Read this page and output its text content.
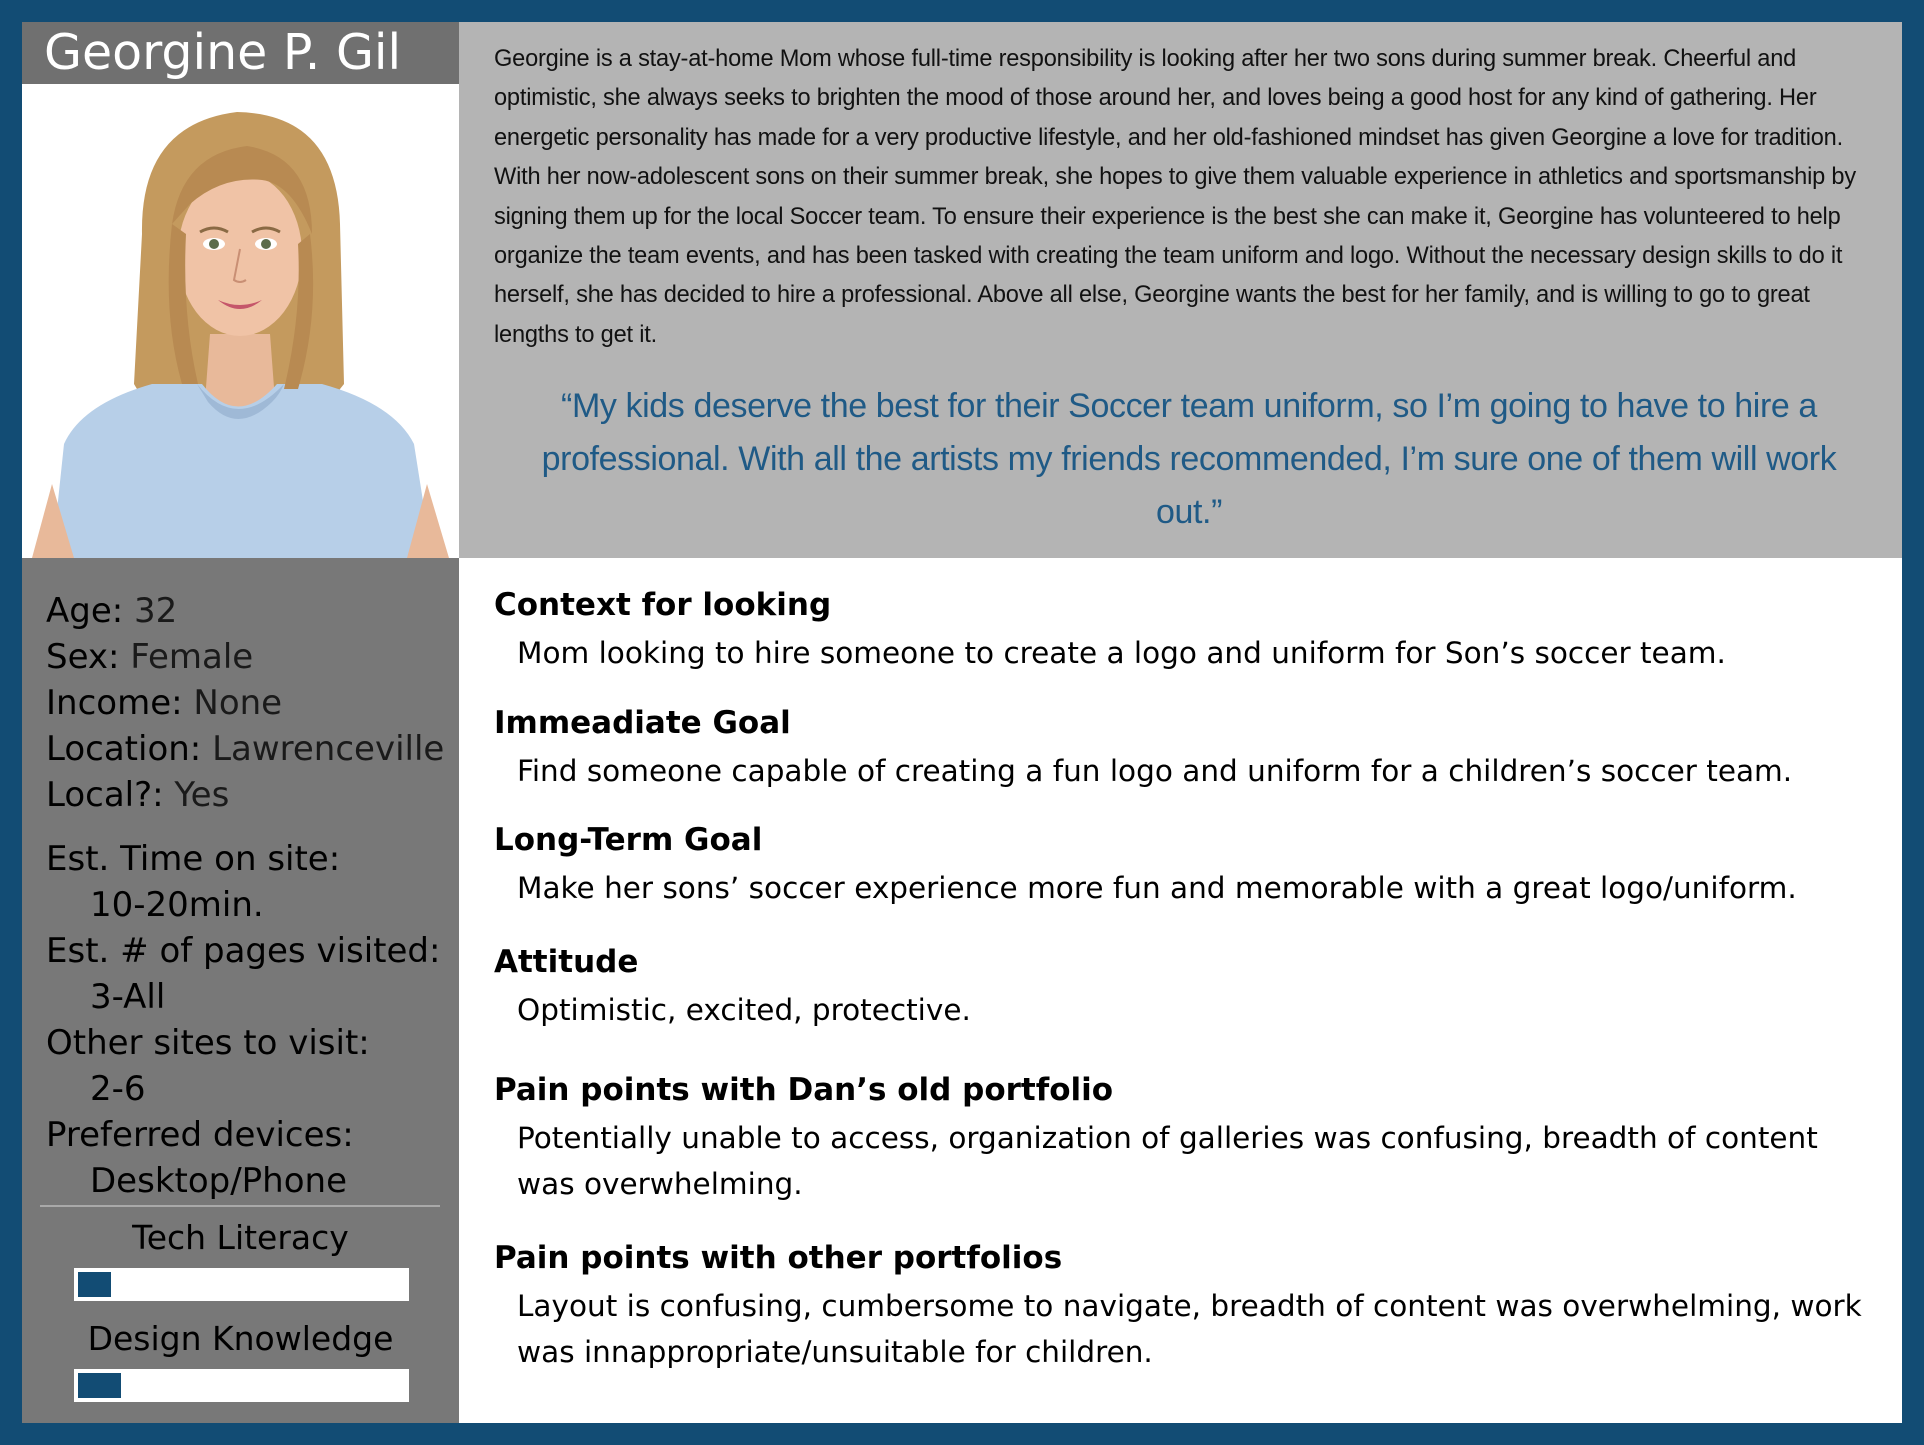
Georgine P. Gil
Age: 32
Sex: Female
Income: None
Location: Lawrenceville
Local?: Yes
Est. Time on site:
10-20min.
Est. # of pages visited:
3-All
Other sites to visit:
2-6
Preferred devices:
Desktop/Phone
Tech Literacy
Design Knowledge
Georgine is a stay-at-home Mom whose full-time responsibility is looking after her two sons during summer break. Cheerful and optimistic, she always seeks to brighten the mood of those around her, and loves being a good host for any kind of gathering. Her energetic personality has made for a very productive lifestyle, and her old-fashioned mindset has given Georgine a love for tradition. With her now-adolescent sons on their summer break, she hopes to give them valuable experience in athletics and sportsmanship by signing them up for the local Soccer team. To ensure their experience is the best she can make it, Georgine has volunteered to help organize the team events, and has been tasked with creating the team uniform and logo. Without the necessary design skills to do it herself, she has decided to hire a professional. Above all else, Georgine wants the best for her family, and is willing to go to great lengths to get it.
“My kids deserve the best for their Soccer team uniform, so I’m going to have to hire a professional. With all the artists my friends recommended, I’m sure one of them will work out.”
Context for looking

Mom looking to hire someone to create a logo and uniform for Son’s soccer team.

Immeadiate Goal

Find someone capable of creating a fun logo and uniform for a children’s soccer team.

Long-Term Goal

Make her sons’ soccer experience more fun and memorable with a great logo/uniform.

Attitude

Optimistic, excited, protective.

Pain points with Dan’s old portfolio

Potentially unable to access, organization of galleries was confusing, breadth of content was overwhelming.

Pain points with other portfolios

Layout is confusing, cumbersome to navigate, breadth of content was overwhelming, work was innappropriate/unsuitable for children.
